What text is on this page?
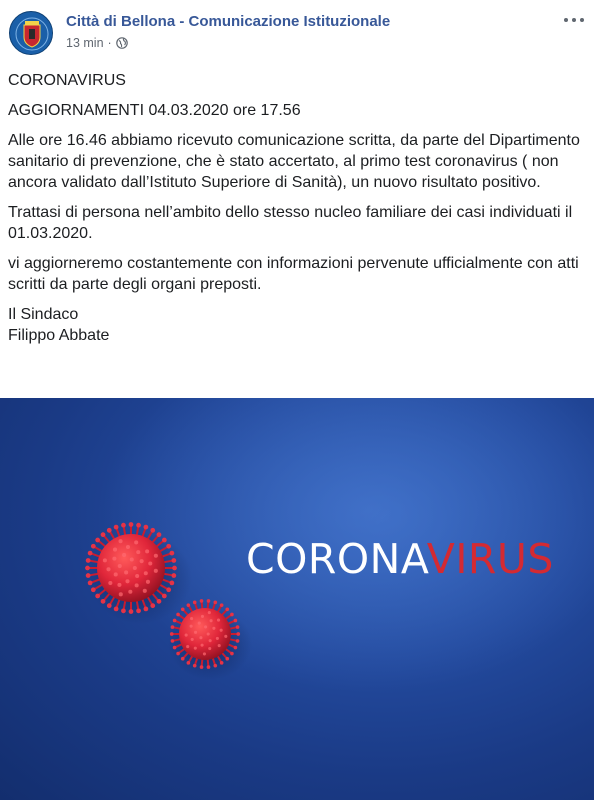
Città di Bellona - Comunicazione Istituzionale
13 min ·

CORONAVIRUS

AGGIORNAMENTI 04.03.2020 ore 17.56

Alle ore 16.46 abbiamo ricevuto comunicazione scritta, da parte del Dipartimento sanitario di prevenzione, che è stato accertato, al primo test coronavirus ( non ancora validato dall’Istituto Superiore di Sanità), un nuovo risultato positivo.

Trattasi di persona nell’ambito dello stesso nucleo familiare dei casi individuati il 01.03.2020.

vi aggiorneremo costantemente con informazioni pervenute ufficialmente con atti scritti da parte degli organi preposti.

Il Sindaco

Filippo Abbate

CORONAVIRUS
